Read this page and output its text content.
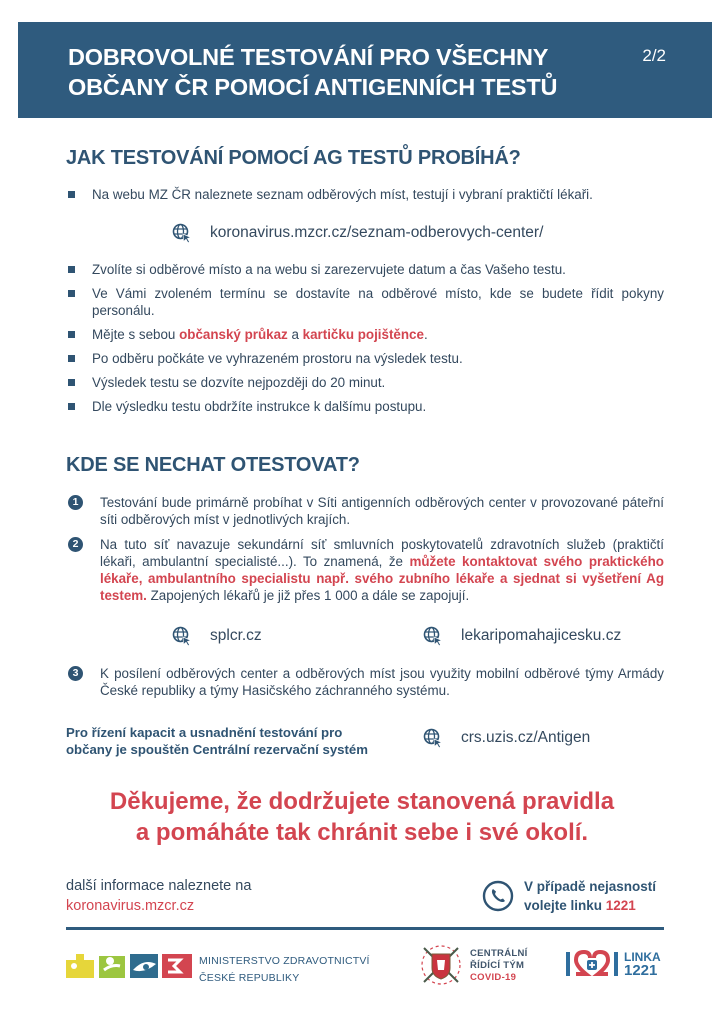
DOBROVOLNÉ TESTOVÁNÍ PRO VŠECHNY
OBČANY ČR POMOCÍ ANTIGENNÍCH TESTŮ
2/2
JAK TESTOVÁNÍ POMOCÍ AG TESTŮ PROBÍHÁ?
Na webu MZ ČR naleznete seznam odběrových míst, testují i vybraní praktičtí lékaři.
koronavirus.mzcr.cz/seznam-odberovych-center/
Zvolíte si odběrové místo a na webu si zarezervujete datum a čas Vašeho testu.
Ve Vámi zvoleném termínu se dostavíte na odběrové místo, kde se budete řídit pokyny personálu.
Mějte s sebou občanský průkaz a kartičku pojištěnce.
Po odběru počkáte ve vyhrazeném prostoru na výsledek testu.
Výsledek testu se dozvíte nejpozději do 20 minut.
Dle výsledku testu obdržíte instrukce k dalšímu postupu.
KDE SE NECHAT OTESTOVAT?
1	Testování bude primárně probíhat v Síti antigenních odběrových center v provozované páteřní síti odběrových míst v jednotlivých krajích.
2	Na tuto síť navazuje sekundární síť smluvních poskytovatelů zdravotních služeb (praktičtí lékaři, ambulantní specialisté...). To znamená, že můžete kontaktovat svého praktického lékaře, ambulantního specialistu např. svého zubního lékaře a sjednat si vyšetření Ag testem. Zapojených lékařů je již přes 1 000 a dále se zapojují.
splcr.cz	lekaripomahajicesku.cz
3	K posílení odběrových center a odběrových míst jsou využity mobilní odběrové týmy Armády České republiky a týmy Hasičského záchranného systému.
Pro řízení kapacit a usnadnění testování pro
občany je spouštěn Centrální rezervační systém
crs.uzis.cz/Antigen
Děkujeme, že dodržujete stanovená pravidla
a pomáháte tak chránit sebe i své okolí.
další informace naleznete na
koronavirus.mzcr.cz
V případě nejasností
volejte linku 1221
MINISTERSTVO ZDRAVOTNICTVÍ
ČESKÉ REPUBLIKY
CENTRÁLNÍ
ŘÍDÍCÍ TÝM
COVID-19
LINKA
1221
